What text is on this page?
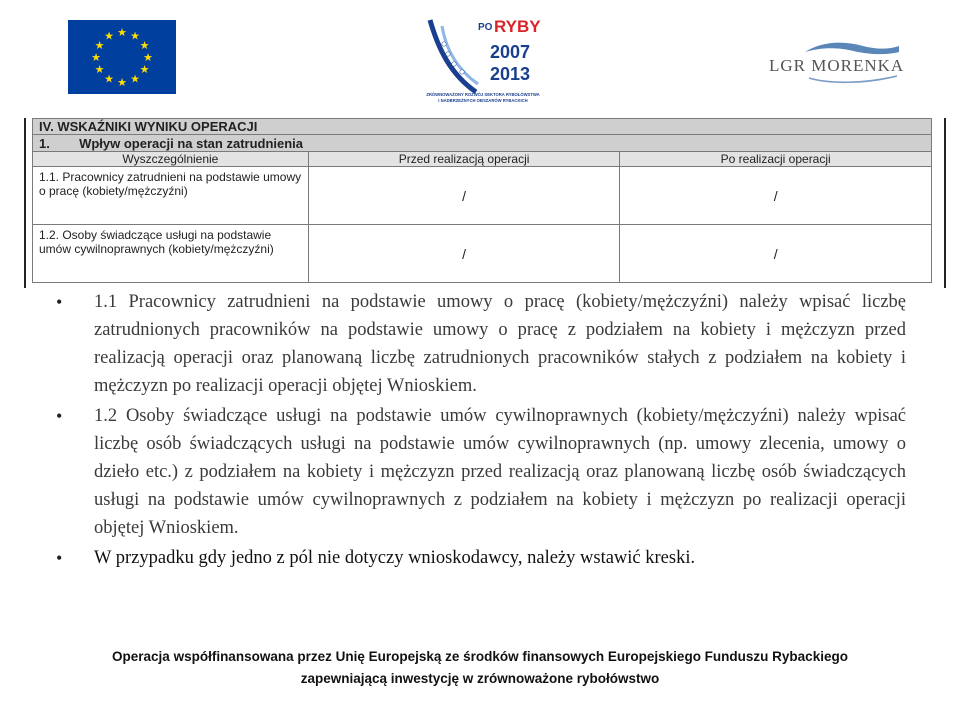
★ ★
★
★
★
★
★
★
★
★
★
★
PO RYBY
2007
2013
ZRÓWNOWAŻONY ROZWÓJ SEKTORA RYBOŁÓWSTWA
I NADBRZEŻNYCH OBSZARÓW RYBACKICH
LGR MORENKA
IV. WSKAŹNIKI WYNIKU OPERACJI		
1. Wpływ operacji na stan zatrudnienia		
Wyszczególnienie	Przed realizacją operacji	Po realizacji operacji
1.1. Pracownicy zatrudnieni na podstawie umowy o pracę (kobiety/mężczyźni)	/	/
1.2. Osoby świadczące usługi na podstawie umów cywilnoprawnych (kobiety/mężczyźni)	/	/
• 1.1 Pracownicy zatrudnieni na podstawie umowy o pracę (kobiety/mężczyźni) należy wpisać liczbę zatrudnionych pracowników na podstawie umowy o pracę z podziałem na kobiety i mężczyzn przed realizacją operacji oraz planowaną liczbę zatrudnionych pracowników stałych z podziałem na kobiety i mężczyzn po realizacji operacji objętej Wnioskiem.
• 1.2 Osoby świadczące usługi na podstawie umów cywilnoprawnych (kobiety/mężczyźni) należy wpisać liczbę osób świadczących usługi na podstawie umów cywilnoprawnych (np. umowy zlecenia, umowy o dzieło etc.) z podziałem na kobiety i mężczyzn przed realizacją oraz planowaną liczbę osób świadczących usługi na podstawie umów cywilnoprawnych z podziałem na kobiety i mężczyzn po realizacji operacji objętej Wnioskiem.
• W przypadku gdy jedno z pól nie dotyczy wnioskodawcy, należy wstawić kreski.
Operacja współfinansowana przez Unię Europejską ze środków finansowych Europejskiego Funduszu Rybackiego
zapewniającą inwestycję w zrównoważone rybołówstwo
